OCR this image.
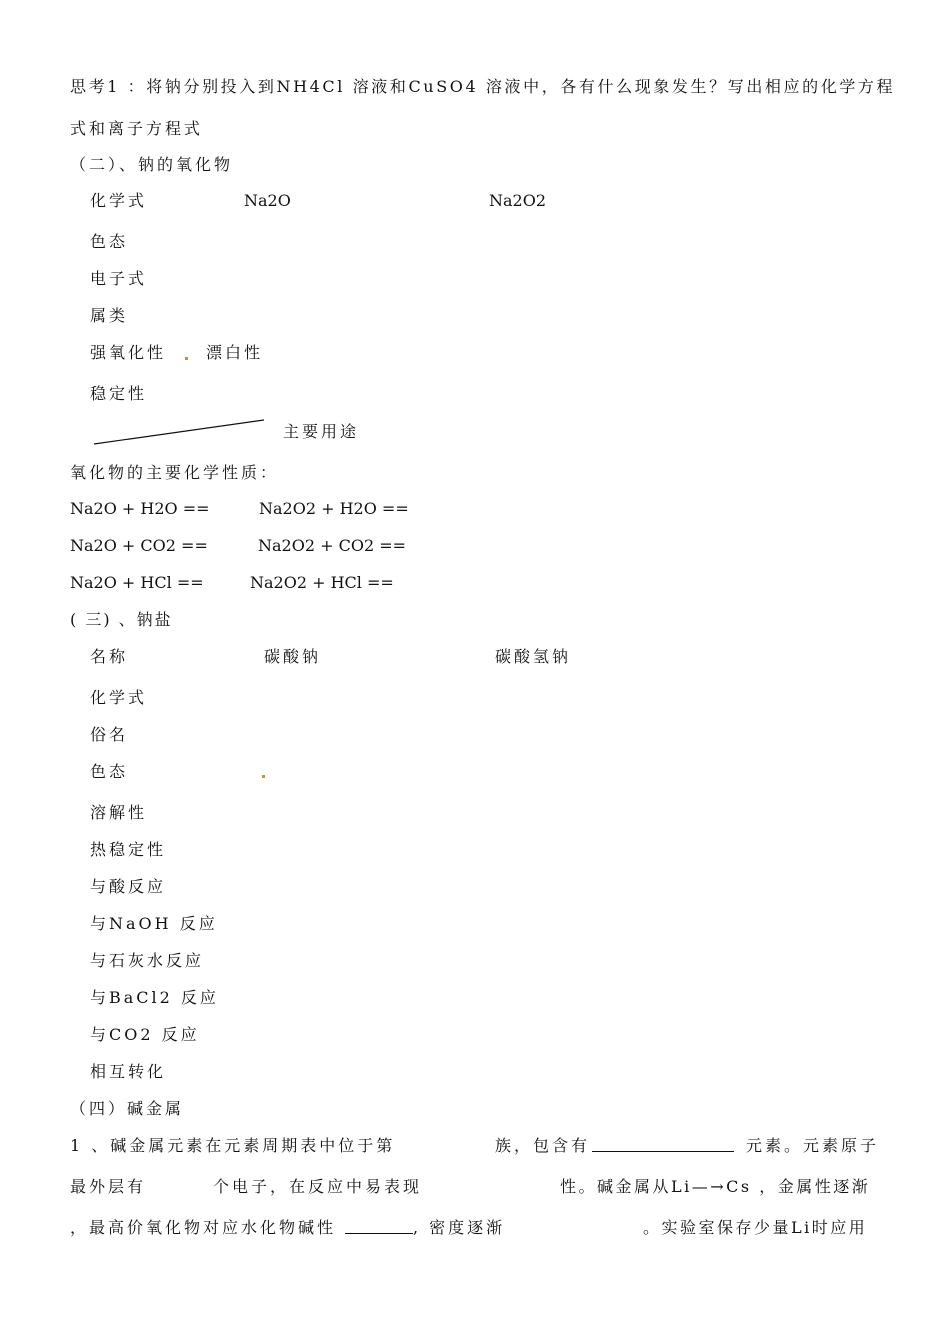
思考1 ：将钠分别投入到NH4Cl 溶液和CuSO4 溶液中，各有什么现象发生？写出相应的化学方程
式和离子方程式
（二）、钠的氧化物
化学式	Na2O	Na2O2
色态
电子式
属类
强氧化性 漂白性
稳定性
主要用途
氧化物的主要化学性质：
Na2O + H2O ==	Na2O2 + H2O ==
Na2O + CO2 ==	Na2O2 + CO2 ==
Na2O + HCl ==	Na2O2 + HCl ==
( 三) 、钠盐
名称	碳酸钠	碳酸氢钠
化学式
俗名
色态
溶解性
热稳定性
与酸反应
与NaOH 反应
与石灰水反应
与BaCl2 反应
与CO2 反应
相互转化
（四）碱金属
1 、碱金属元素在元素周期表中位于第	族，包含有	元素。元素原子
最外层有	个电子，在反应中易表现	性。碱金属从Li—→Cs ，金属性逐渐
，最高价氧化物对应水化物碱性	, 密度逐渐	。实验室保存少量Li时应用
